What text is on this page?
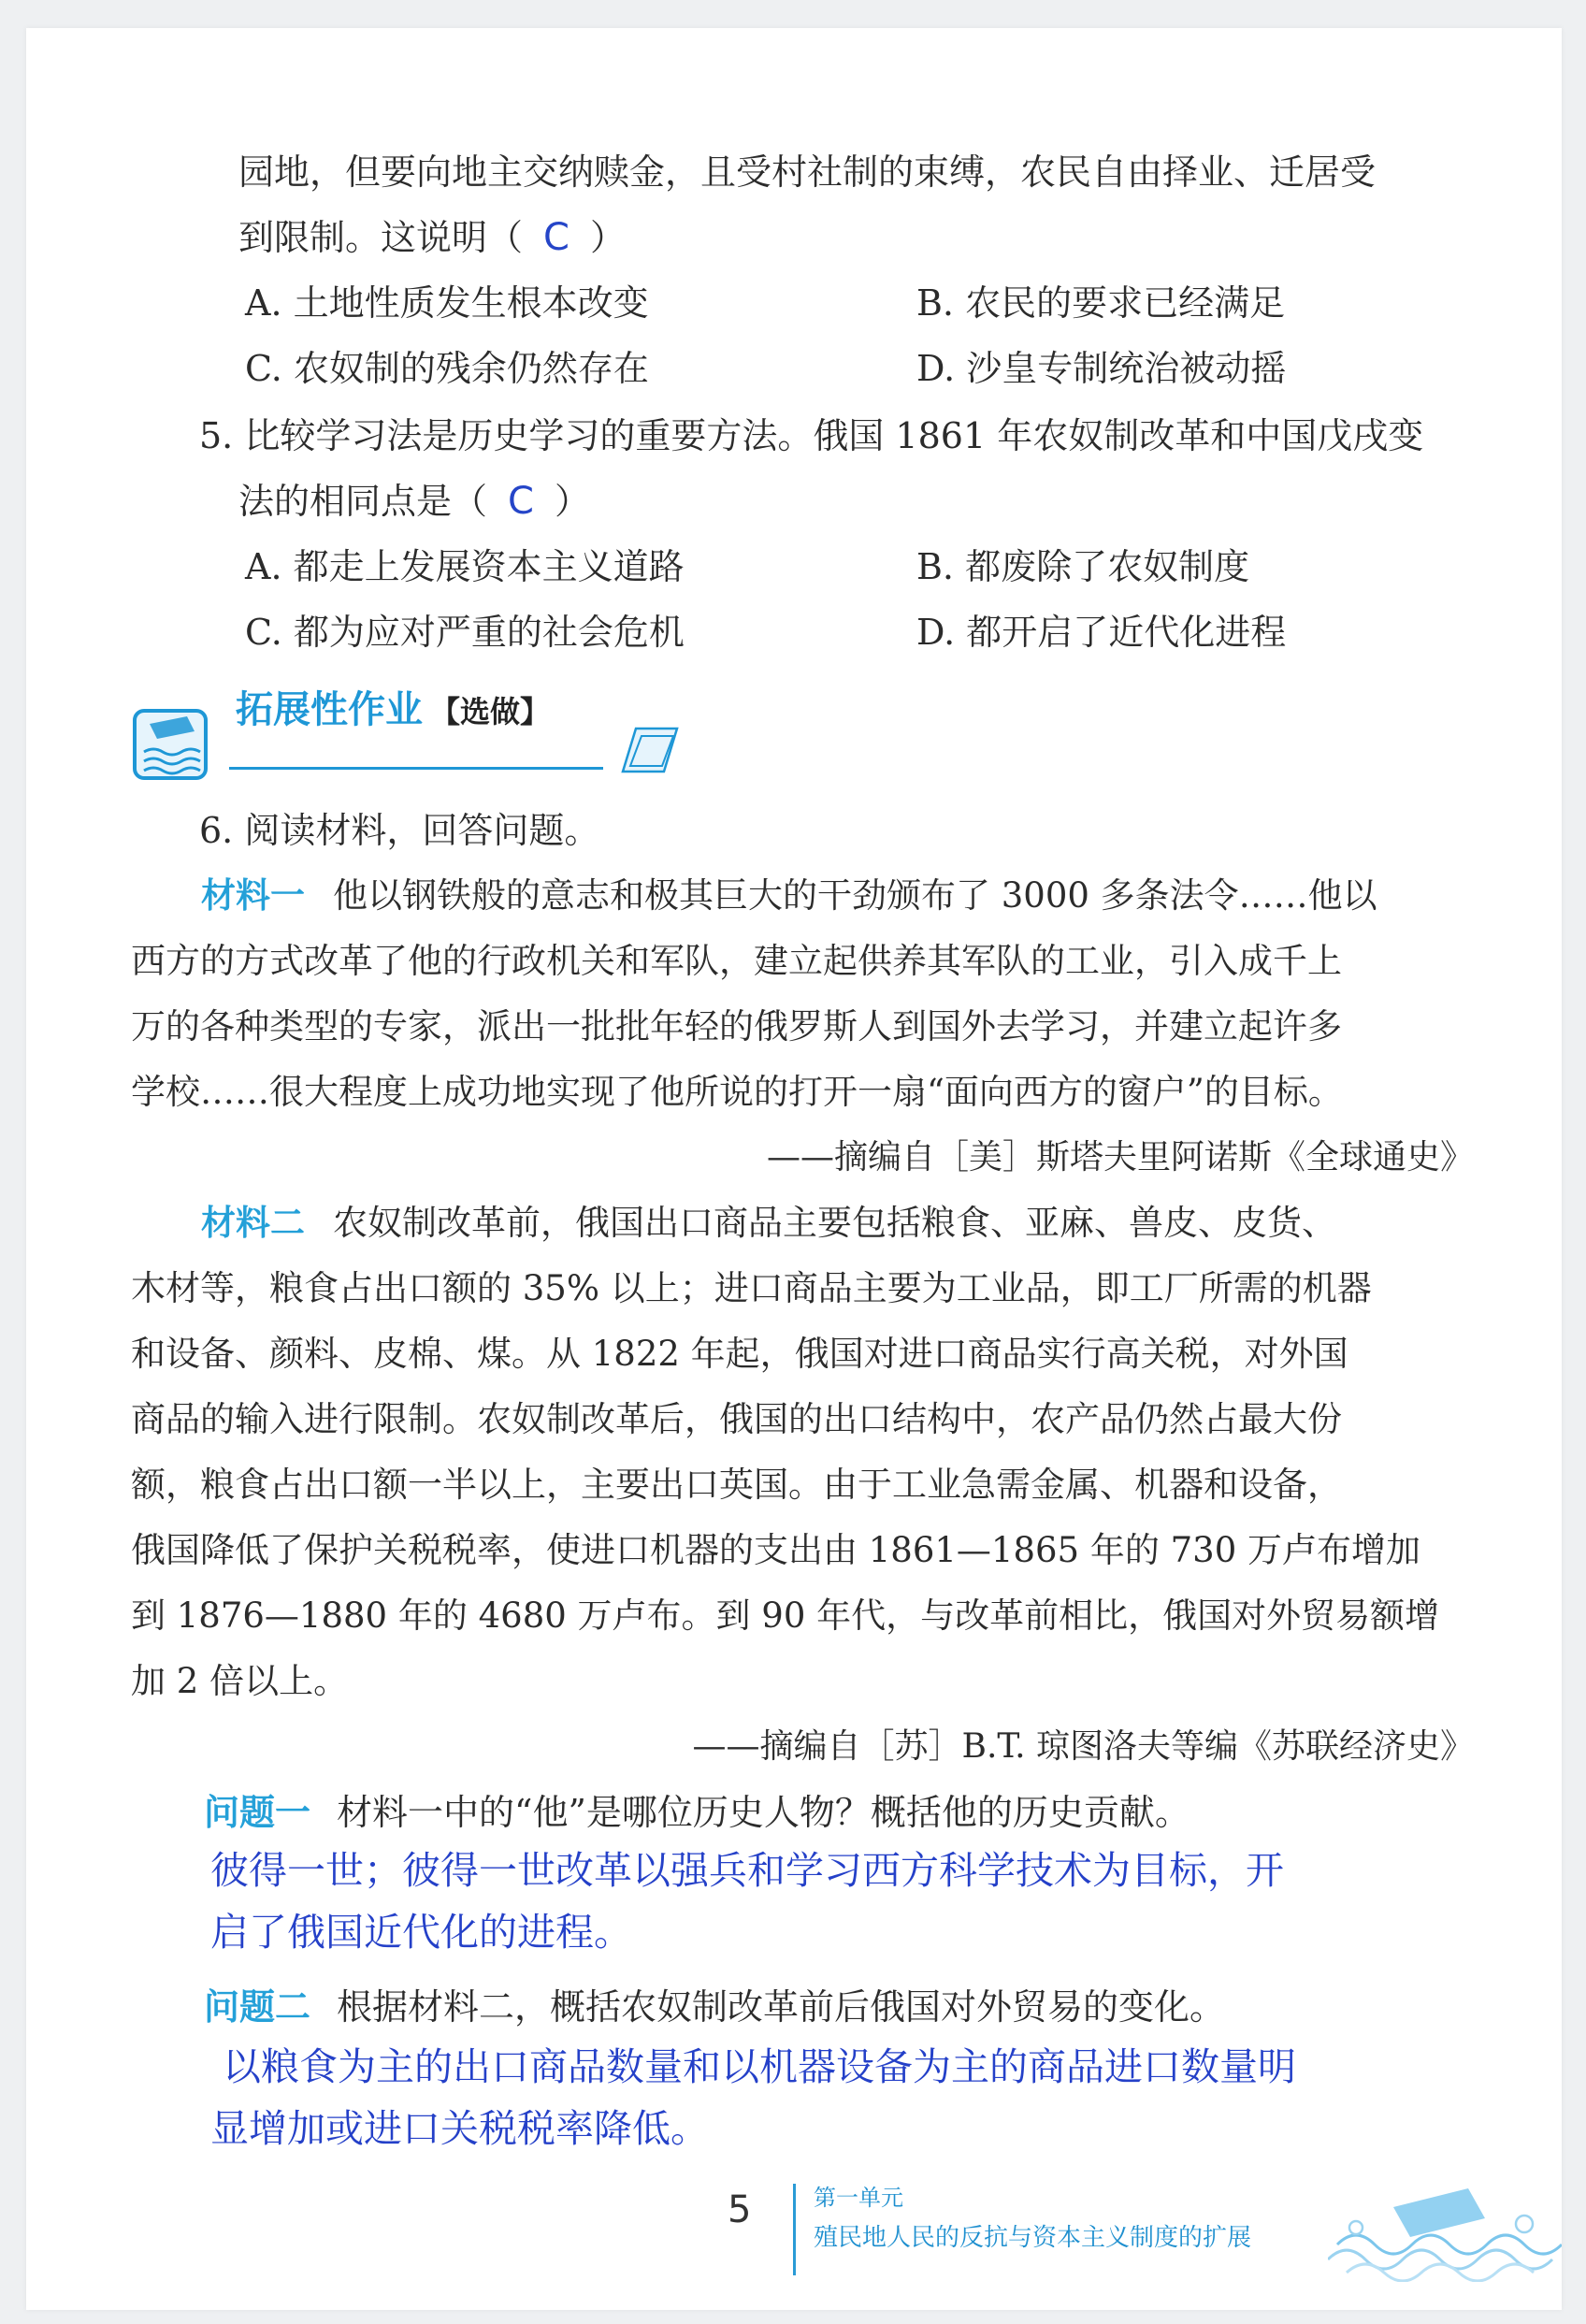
园地，但要向地主交纳赎金，且受村社制的束缚，农民自由择业、迁居受
到限制。这说明（ C ）
A. 土地性质发生根本改变	B. 农民的要求已经满足
C. 农奴制的残余仍然存在	D. 沙皇专制统治被动摇
5. 比较学习法是历史学习的重要方法。俄国 1861 年农奴制改革和中国戊戌变
法的相同点是（ C ）
A. 都走上发展资本主义道路	B. 都废除了农奴制度
C. 都为应对严重的社会危机	D. 都开启了近代化进程
拓展性作业 【选做】
6. 阅读材料，回答问题。
材料一 他以钢铁般的意志和极其巨大的干劲颁布了 3000 多条法令……他以
西方的方式改革了他的行政机关和军队，建立起供养其军队的工业，引入成千上
万的各种类型的专家，派出一批批年轻的俄罗斯人到国外去学习，并建立起许多
学校……很大程度上成功地实现了他所说的打开一扇“面向西方的窗户”的目标。
——摘编自［美］斯塔夫里阿诺斯《全球通史》
材料二 农奴制改革前，俄国出口商品主要包括粮食、亚麻、兽皮、皮货、
木材等，粮食占出口额的 35% 以上；进口商品主要为工业品，即工厂所需的机器
和设备、颜料、皮棉、煤。从 1822 年起，俄国对进口商品实行高关税，对外国
商品的输入进行限制。农奴制改革后，俄国的出口结构中，农产品仍然占最大份
额，粮食占出口额一半以上，主要出口英国。由于工业急需金属、机器和设备，
俄国降低了保护关税税率，使进口机器的支出由 1861—1865 年的 730 万卢布增加
到 1876—1880 年的 4680 万卢布。到 90 年代，与改革前相比，俄国对外贸易额增
加 2 倍以上。
——摘编自［苏］B.T. 琼图洛夫等编《苏联经济史》
问题一 材料一中的“他”是哪位历史人物？概括他的历史贡献。
彼得一世；彼得一世改革以强兵和学习西方科学技术为目标，开
启了俄国近代化的进程。
问题二 根据材料二，概括农奴制改革前后俄国对外贸易的变化。
以粮食为主的出口商品数量和以机器设备为主的商品进口数量明
显增加或进口关税税率降低。
5	第一单元
殖民地人民的反抗与资本主义制度的扩展
